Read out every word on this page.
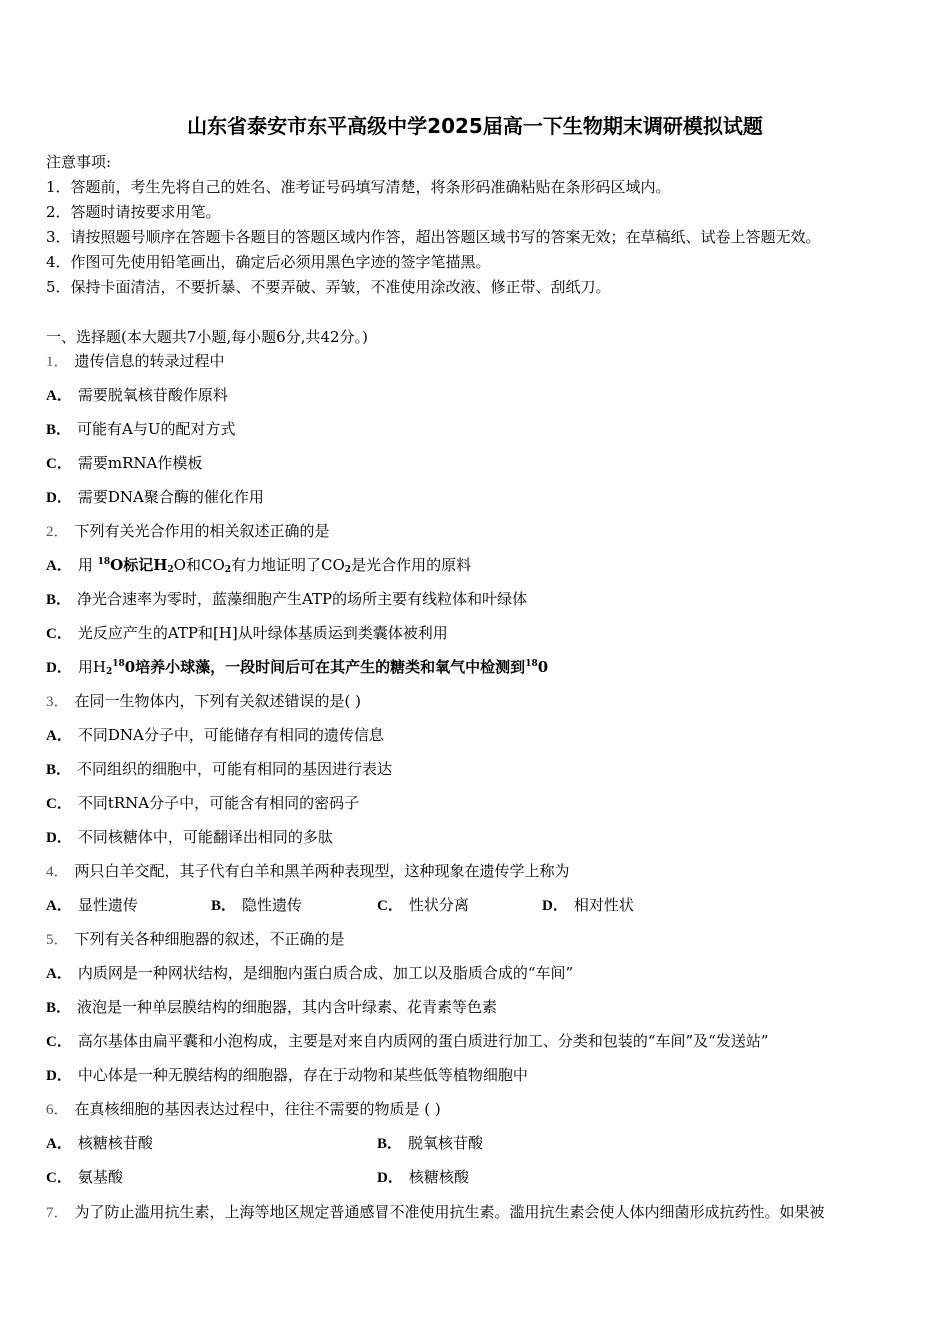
山东省泰安市东平高级中学2025届高一下生物期末调研模拟试题
注意事项:
1．答题前，考生先将自己的姓名、准考证号码填写清楚，将条形码准确粘贴在条形码区域内。
2．答题时请按要求用笔。
3．请按照题号顺序在答题卡各题目的答题区域内作答，超出答题区域书写的答案无效；在草稿纸、试卷上答题无效。
4．作图可先使用铅笔画出，确定后必须用黑色字迹的签字笔描黑。
5．保持卡面清洁，不要折暴、不要弄破、弄皱，不准使用涂改液、修正带、刮纸刀。
一、选择题(本大题共7小题,每小题6分,共42分。)
1． 遗传信息的转录过程中
A． 需要脱氧核苷酸作原料
B． 可能有A与U的配对方式
C． 需要mRNA作模板
D． 需要DNA聚合酶的催化作用
2． 下列有关光合作用的相关叙述正确的是
A． 用 $^{18}$O标记$H_2O$和$CO_2$有力地证明了$CO_2$是光合作用的原料
B． 净光合速率为零时，蓝藻细胞产生ATP的场所主要有线粒体和叶绿体
C． 光反应产生的ATP和[H]从叶绿体基质运到类囊体被利用
D． 用$H_2^{18}0$培养小球藻，一段时间后可在其产生的糖类和氧气中检测到$^{18}$0
3． 在同一生物体内，下列有关叙述错误的是( )
A． 不同DNA分子中，可能储存有相同的遗传信息
B． 不同组织的细胞中，可能有相同的基因进行表达
C． 不同tRNA分子中，可能含有相同的密码子
D． 不同核糖体中，可能翻译出相同的多肽
4． 两只白羊交配，其子代有白羊和黑羊两种表现型，这种现象在遗传学上称为
A． 显性遗传	B． 隐性遗传	C． 性状分离	D． 相对性状
5． 下列有关各种细胞器的叙述，不正确的是
A． 内质网是一种网状结构，是细胞内蛋白质合成、加工以及脂质合成的“车间”
B． 液泡是一种单层膜结构的细胞器，其内含叶绿素、花青素等色素
C． 高尔基体由扁平囊和小泡构成，主要是对来自内质网的蛋白质进行加工、分类和包装的“车间”及“发送站”
D． 中心体是一种无膜结构的细胞器，存在于动物和某些低等植物细胞中
6． 在真核细胞的基因表达过程中，往往不需要的物质是 ( )
A． 核糖核苷酸	B． 脱氧核苷酸
C． 氨基酸	D． 核糖核酸
7． 为了防止滥用抗生素，上海等地区规定普通感冒不准使用抗生素。滥用抗生素会使人体内细菌形成抗药性。如果被
